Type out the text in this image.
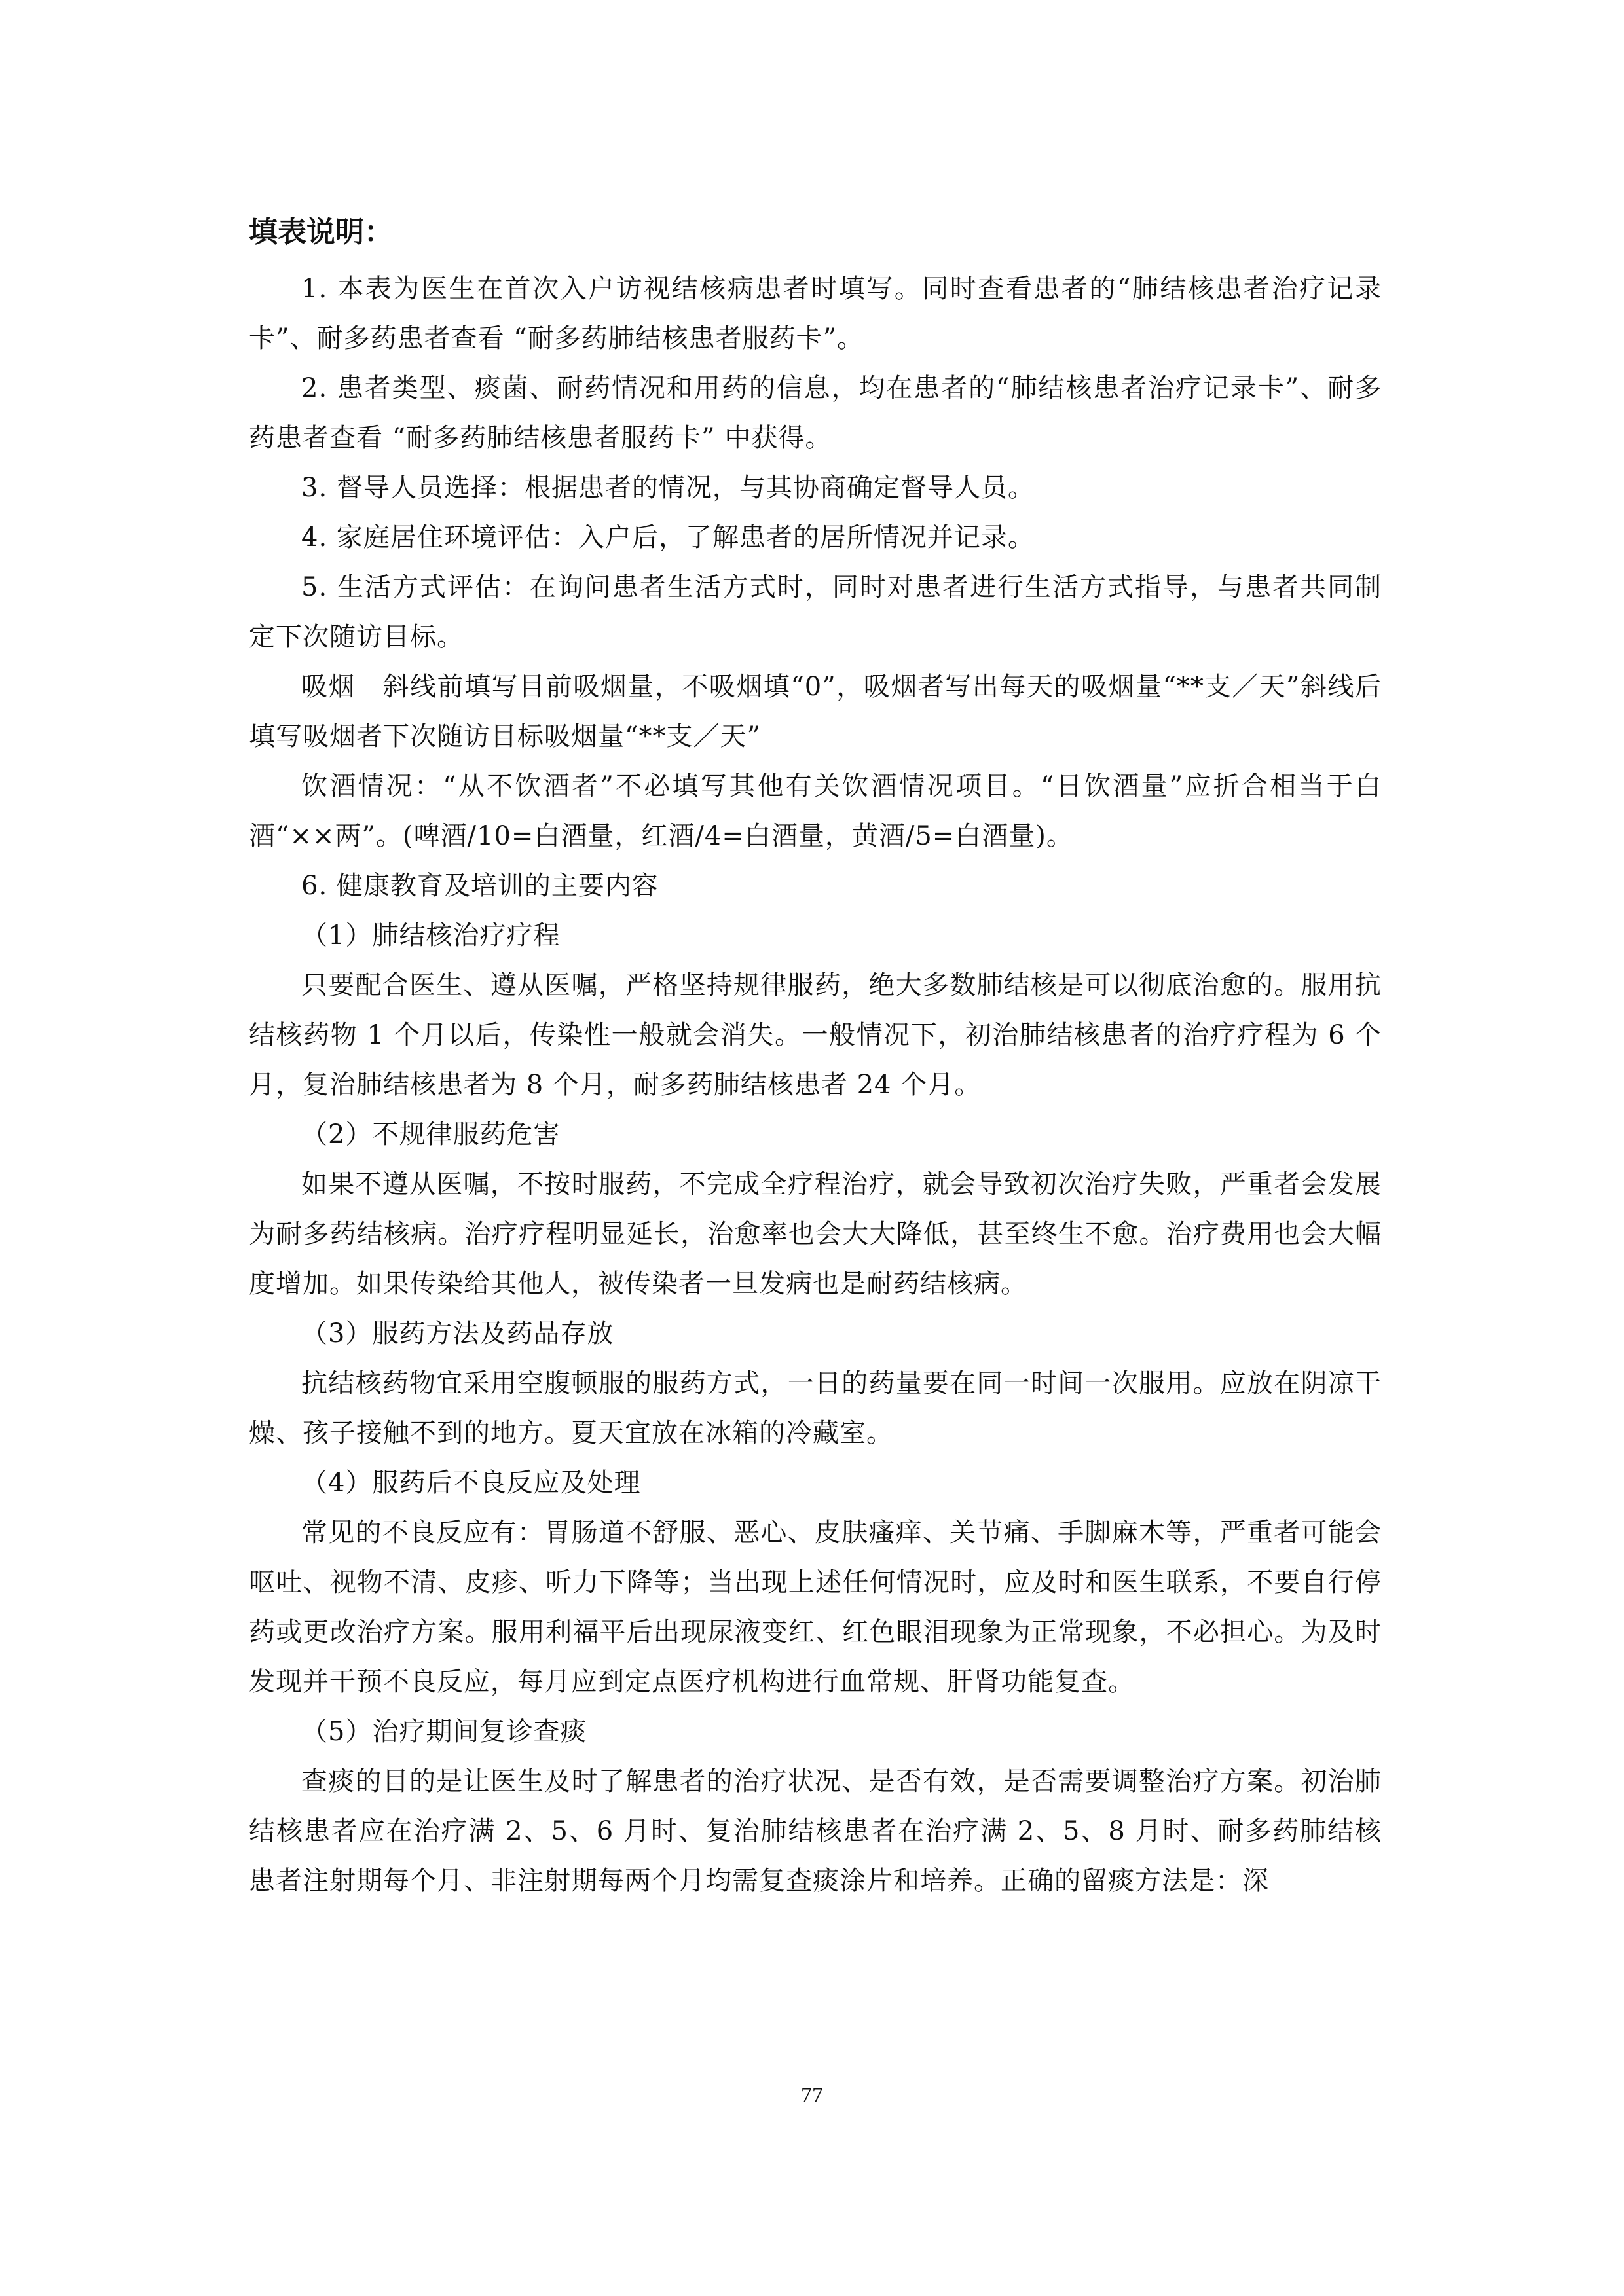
填表说明：

1. 本表为医生在首次入户访视结核病患者时填写。同时查看患者的“肺结核患者治疗记录卡”、耐多药患者查看 “耐多药肺结核患者服药卡”。

2. 患者类型、痰菌、耐药情况和用药的信息，均在患者的“肺结核患者治疗记录卡”、耐多药患者查看 “耐多药肺结核患者服药卡” 中获得。

3. 督导人员选择：根据患者的情况，与其协商确定督导人员。

4. 家庭居住环境评估：入户后，了解患者的居所情况并记录。

5. 生活方式评估：在询问患者生活方式时，同时对患者进行生活方式指导，与患者共同制定下次随访目标。

吸烟　斜线前填写目前吸烟量，不吸烟填“0”，吸烟者写出每天的吸烟量“**支／天”斜线后填写吸烟者下次随访目标吸烟量“**支／天”

饮酒情况：“从不饮酒者”不必填写其他有关饮酒情况项目。“日饮酒量”应折合相当于白酒“××两”。(啤酒/10=白酒量，红酒/4=白酒量，黄酒/5=白酒量)。

6. 健康教育及培训的主要内容

（1）肺结核治疗疗程

只要配合医生、遵从医嘱，严格坚持规律服药，绝大多数肺结核是可以彻底治愈的。服用抗结核药物 1 个月以后，传染性一般就会消失。一般情况下，初治肺结核患者的治疗疗程为 6 个月，复治肺结核患者为 8 个月，耐多药肺结核患者 24 个月。

（2）不规律服药危害

如果不遵从医嘱，不按时服药，不完成全疗程治疗，就会导致初次治疗失败，严重者会发展为耐多药结核病。治疗疗程明显延长，治愈率也会大大降低，甚至终生不愈。治疗费用也会大幅度增加。如果传染给其他人，被传染者一旦发病也是耐药结核病。

（3）服药方法及药品存放

抗结核药物宜采用空腹顿服的服药方式，一日的药量要在同一时间一次服用。应放在阴凉干燥、孩子接触不到的地方。夏天宜放在冰箱的冷藏室。

（4）服药后不良反应及处理

常见的不良反应有：胃肠道不舒服、恶心、皮肤瘙痒、关节痛、手脚麻木等，严重者可能会呕吐、视物不清、皮疹、听力下降等；当出现上述任何情况时，应及时和医生联系，不要自行停药或更改治疗方案。服用利福平后出现尿液变红、红色眼泪现象为正常现象，不必担心。为及时发现并干预不良反应，每月应到定点医疗机构进行血常规、肝肾功能复查。

（5）治疗期间复诊查痰

查痰的目的是让医生及时了解患者的治疗状况、是否有效，是否需要调整治疗方案。初治肺结核患者应在治疗满 2、5、6 月时、复治肺结核患者在治疗满 2、5、8 月时、耐多药肺结核患者注射期每个月、非注射期每两个月均需复查痰涂片和培养。正确的留痰方法是：深

77
